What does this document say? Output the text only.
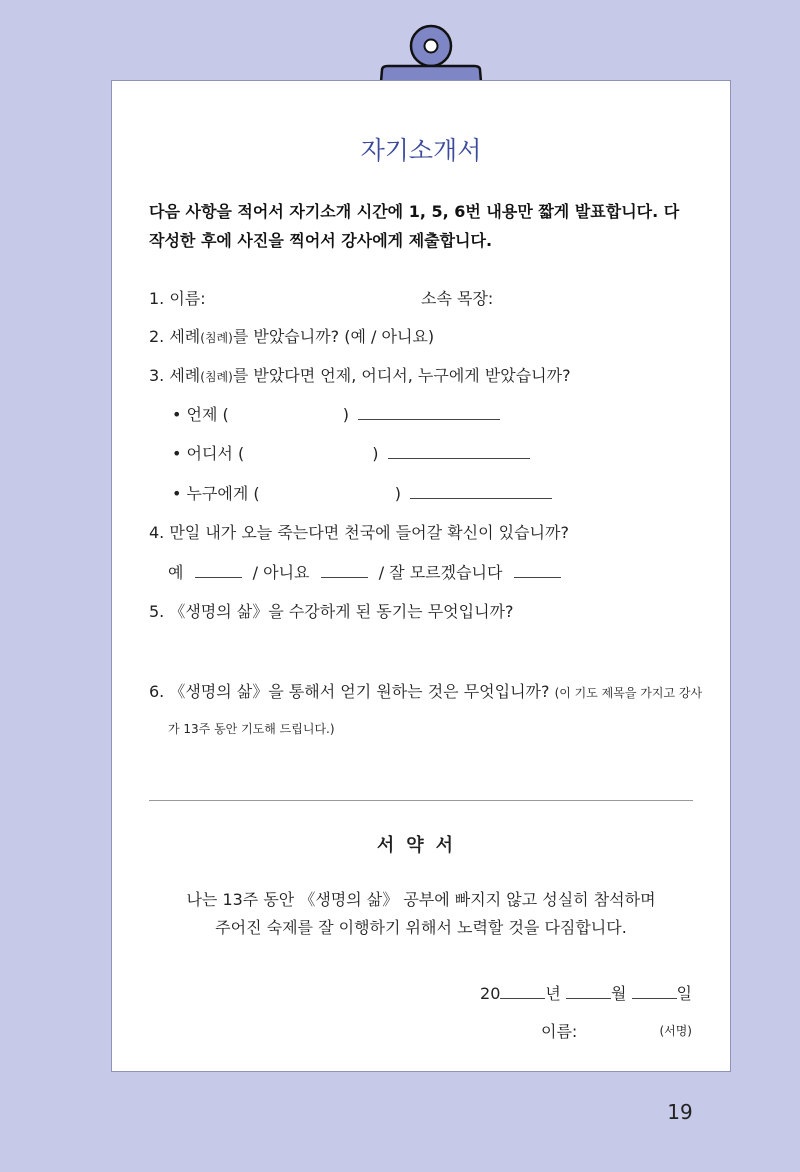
자기소개서
다음 사항을 적어서 자기소개 시간에 1, 5, 6번 내용만 짧게 발표합니다. 다 작성한 후에 사진을 찍어서 강사에게 제출합니다.
1. 이름:	소속 목장:
2. 세례(침례)를 받았습니까? (예 / 아니요)
3. 세례(침례)를 받았다면 언제, 어디서, 누구에게 받았습니까?
• 언제 (	)
• 어디서 (	)
• 누구에게 (	)
4. 만일 내가 오늘 죽는다면 천국에 들어갈 확신이 있습니까?
예	/ 아니요	/ 잘 모르겠습니다
5. 《생명의 삶》을 수강하게 된 동기는 무엇입니까?
6. 《생명의 삶》을 통해서 얻기 원하는 것은 무엇입니까? (이 기도 제목을 가지고 강사
가 13주 동안 기도해 드립니다.)
서약서
나는 13주 동안 《생명의 삶》 공부에 빠지지 않고 성실히 참석하며
주어진 숙제를 잘 이행하기 위해서 노력할 것을 다짐합니다.
20	년	월	일
이름:	(서명)
19
